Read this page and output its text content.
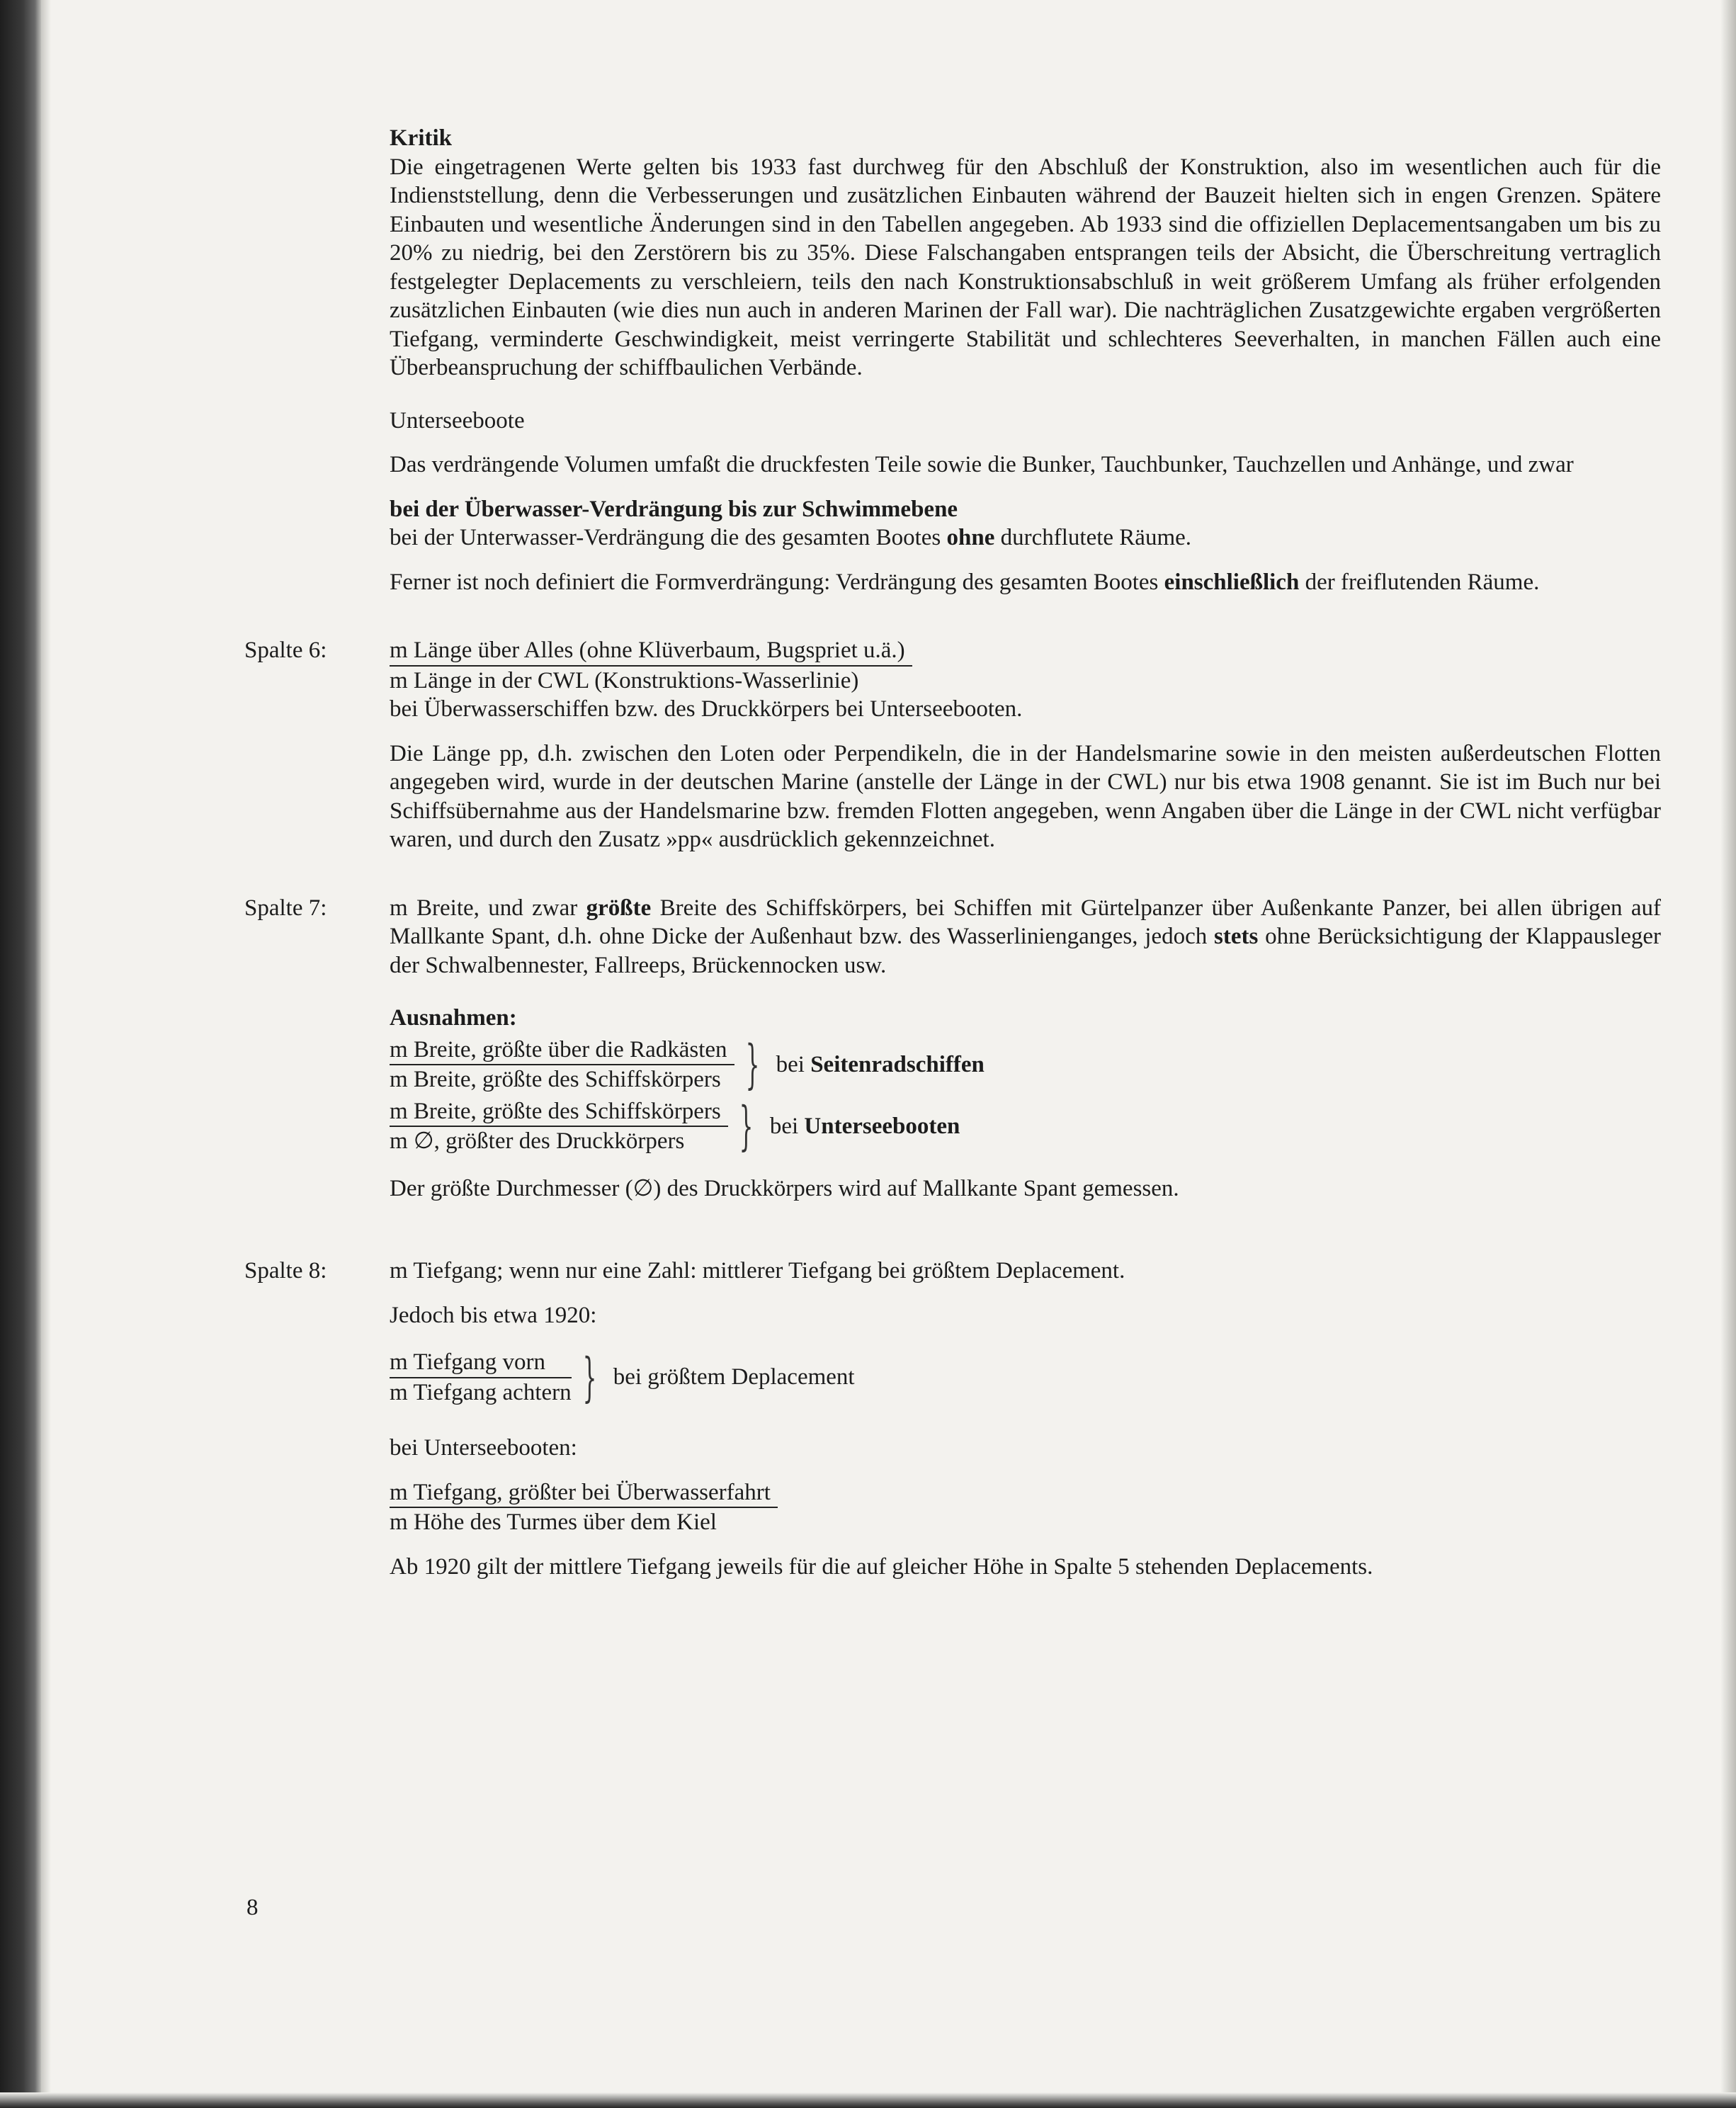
Kritik

Die eingetragenen Werte gelten bis 1933 fast durchweg für den Abschluß der Konstruktion, also im wesentlichen auch für die Indienststellung, denn die Verbesserungen und zusätzlichen Einbauten während der Bauzeit hielten sich in engen Grenzen. Spätere Einbauten und wesentliche Änderungen sind in den Tabellen angegeben. Ab 1933 sind die offiziellen Deplacementsangaben um bis zu 20% zu niedrig, bei den Zerstörern bis zu 35%. Diese Falschangaben entsprangen teils der Absicht, die Überschreitung vertraglich festgelegter Deplacements zu verschleiern, teils den nach Konstruktionsabschluß in weit größerem Umfang als früher erfolgenden zusätzlichen Einbauten (wie dies nun auch in anderen Marinen der Fall war). Die nachträglichen Zusatzgewichte ergaben vergrößerten Tiefgang, verminderte Geschwindigkeit, meist verringerte Stabilität und schlechteres Seeverhalten, in manchen Fällen auch eine Überbeanspruchung der schiffbaulichen Verbände.

Unterseeboote

Das verdrängende Volumen umfaßt die druckfesten Teile sowie die Bunker, Tauchbunker, Tauchzellen und Anhänge, und zwar

bei der Überwasser-Verdrängung bis zur Schwimmebene

bei der Unterwasser-Verdrängung die des gesamten Bootes ohne durchflutete Räume.

Ferner ist noch definiert die Formverdrängung: Verdrängung des gesamten Bootes einschließlich der freiflutenden Räume.

Spalte 6:	m Länge über Alles (ohne Klüverbaum, Bugspriet u.ä.)

m Länge in der CWL (Konstruktions-Wasserlinie)

bei Überwasserschiffen bzw. des Druckkörpers bei Unterseebooten.

Die Länge pp, d.h. zwischen den Loten oder Perpendikeln, die in der Handelsmarine sowie in den meisten außerdeutschen Flotten angegeben wird, wurde in der deutschen Marine (anstelle der Länge in der CWL) nur bis etwa 1908 genannt. Sie ist im Buch nur bei Schiffsübernahme aus der Handelsmarine bzw. fremden Flotten angegeben, wenn Angaben über die Länge in der CWL nicht verfügbar waren, und durch den Zusatz »pp« ausdrücklich gekennzeichnet.

Spalte 7:	m Breite, und zwar größte Breite des Schiffskörpers, bei Schiffen mit Gürtelpanzer über Außenkante Panzer, bei allen übrigen auf Mallkante Spant, d.h. ohne Dicke der Außenhaut bzw. des Wasserlinienganges, jedoch stets ohne Berücksichtigung der Klappausleger der Schwalbennester, Fallreeps, Brückennocken usw.

Ausnahmen:

m Breite, größte über die Radkästen
m Breite, größte des Schiffskörpers } bei Seitenradschiffen
m Breite, größte des Schiffskörpers
m ∅, größter des Druckkörpers	} bei Unterseebooten

Der größte Durchmesser (∅) des Druckkörpers wird auf Mallkante Spant gemessen.

Spalte 8:	m Tiefgang; wenn nur eine Zahl: mittlerer Tiefgang bei größtem Deplacement.

Jedoch bis etwa 1920:

m Tiefgang vorn
m Tiefgang achtern } bei größtem Deplacement

bei Unterseebooten:

m Tiefgang, größter bei Überwasserfahrt

m Höhe des Turmes über dem Kiel

Ab 1920 gilt der mittlere Tiefgang jeweils für die auf gleicher Höhe in Spalte 5 stehenden Deplacements.

8
